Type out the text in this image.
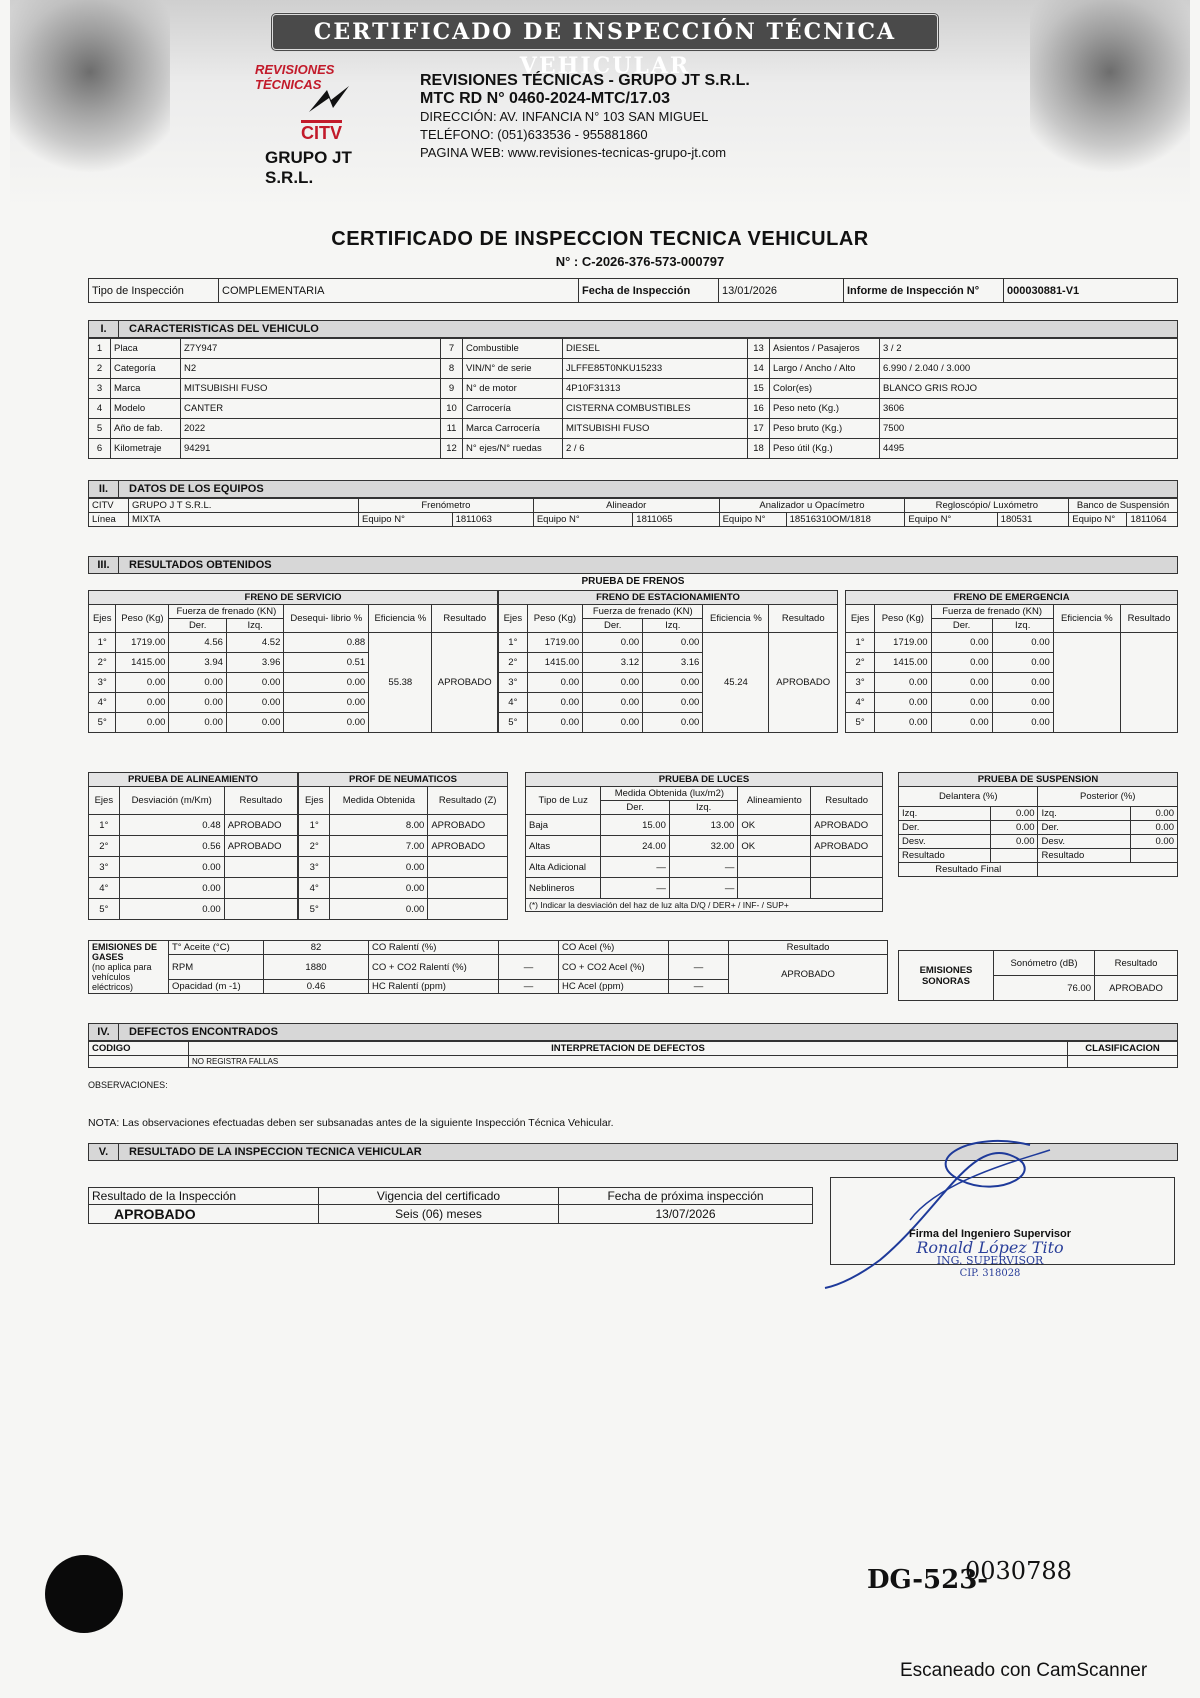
CERTIFICADO DE INSPECCIÓN TÉCNICA VEHICULAR
REVISIONES TÉCNICAS
CITV
GRUPO JT S.R.L.
REVISIONES TÉCNICAS - GRUPO JT S.R.L.
MTC RD N° 0460-2024-MTC/17.03
DIRECCIÓN: AV. INFANCIA N° 103 SAN MIGUEL
TELÉFONO: (051)633536 - 955881860
PAGINA WEB: www.revisiones-tecnicas-grupo-jt.com
CERTIFICADO DE INSPECCION TECNICA VEHICULAR
N° : C-2026-376-573-000797
Tipo de Inspección	COMPLEMENTARIA	Fecha de Inspección	13/01/2026	Informe de Inspección N°	000030881-V1
I. CARACTERISTICAS DEL VEHICULO
1	Placa	Z7Y947	7	Combustible	DIESEL	13	Asientos / Pasajeros	3 / 2
2	Categoría	N2	8	VIN/N° de serie	JLFFE85T0NKU15233	14	Largo / Ancho / Alto	6.990 / 2.040 / 3.000
3	Marca	MITSUBISHI FUSO	9	N° de motor	4P10F31313	15	Color(es)	BLANCO GRIS ROJO
4	Modelo	CANTER	10	Carrocería	CISTERNA COMBUSTIBLES	16	Peso neto (Kg.)	3606
5	Año de fab.	2022	11	Marca Carrocería	MITSUBISHI FUSO	17	Peso bruto (Kg.)	7500
6	Kilometraje	94291	12	N° ejes/N° ruedas	2 / 6	18	Peso útil (Kg.)	4495
II. DATOS DE LOS EQUIPOS
CITV	GRUPO J T S.R.L.	Frenómetro		Alineador		Analizador u Opacímetro		Regloscópio/ Luxómetro		Banco de Suspensión	
Línea	MIXTA	Equipo N°	1811063	Equipo N°	1811065	Equipo N°	18516310OM/1818	Equipo N°	180531	Equipo N°	1811064
III. RESULTADOS OBTENIDOS
PRUEBA DE FRENOS
FRENO DE SERVICIO						
Ejes	Peso (Kg)	Fuerza de frenado (KN)		Desequi- librio %	Eficiencia %	Resultado
		Der.	Izq.			
1°	1719.00	4.56	4.52	0.88	55.38	APROBADO
2°	1415.00	3.94	3.96	0.51		
3°	0.00	0.00	0.00	0.00		
4°	0.00	0.00	0.00	0.00		
5°	0.00	0.00	0.00	0.00		
FRENO DE ESTACIONAMIENTO					
Ejes	Peso (Kg)	Fuerza de frenado (KN)		Eficiencia %	Resultado
		Der.	Izq.		
1°	1719.00	0.00	0.00	45.24	APROBADO
2°	1415.00	3.12	3.16		
3°	0.00	0.00	0.00		
4°	0.00	0.00	0.00		
5°	0.00	0.00	0.00		
FRENO DE EMERGENCIA					
Ejes	Peso (Kg)	Fuerza de frenado (KN)		Eficiencia %	Resultado
		Der.	Izq.		
1°	1719.00	0.00	0.00		
2°	1415.00	0.00	0.00		
3°	0.00	0.00	0.00		
4°	0.00	0.00	0.00		
5°	0.00	0.00	0.00		
PRUEBA DE ALINEAMIENTO		
Ejes	Desviación (m/Km)	Resultado
1°	0.48	APROBADO
2°	0.56	APROBADO
3°	0.00	
4°	0.00	
5°	0.00	
PROF DE NEUMATICOS		
Ejes	Medida Obtenida	Resultado (Z)
1°	8.00	APROBADO
2°	7.00	APROBADO
3°	0.00	
4°	0.00	
5°	0.00	
PRUEBA DE LUCES				
Tipo de Luz	Medida Obtenida (lux/m2)		Alineamiento	Resultado
	Der.	Izq.		
Baja	15.00	13.00	OK	APROBADO
Altas	24.00	32.00	OK	APROBADO
Alta Adicional	—	—		
Neblineros	—	—		
(*) Indicar la desviación del haz de luz alta D/Q / DER+ / INF- / SUP+				
PRUEBA DE SUSPENSION			
Delantera (%)		Posterior (%)	
Izq.	0.00	Izq.	0.00
Der.	0.00	Der.	0.00
Desv.	0.00	Desv.	0.00
Resultado		Resultado	
Resultado Final			
EMISIONES DE GASES
(no aplica para vehículos eléctricos)	T° Aceite (°C)	82	CO Ralentí (%)		CO Acel (%)		Resultado
	RPM	1880	CO + CO2 Ralentí (%)	—	CO + CO2 Acel (%)	—	APROBADO
	Opacidad (m -1)	0.46	HC Ralentí (ppm)	—	HC Acel (ppm)	—	
EMISIONES SONORAS	Sonómetro (dB)	Resultado
	76.00	APROBADO
IV. DEFECTOS ENCONTRADOS
CODIGO	INTERPRETACION DE DEFECTOS	CLASIFICACION
	NO REGISTRA FALLAS	
OBSERVACIONES:
NOTA: Las observaciones efectuadas deben ser subsanadas antes de la siguiente Inspección Técnica Vehicular.
V. RESULTADO DE LA INSPECCION TECNICA VEHICULAR
Resultado de la Inspección	Vigencia del certificado	Fecha de próxima inspección
APROBADO	Seis (06) meses	13/07/2026
Firma del Ingeniero Supervisor
Ronald López Tito
ING. SUPERVISOR
CIP. 318028
DG-523-
0030788
Escaneado con CamScanner
